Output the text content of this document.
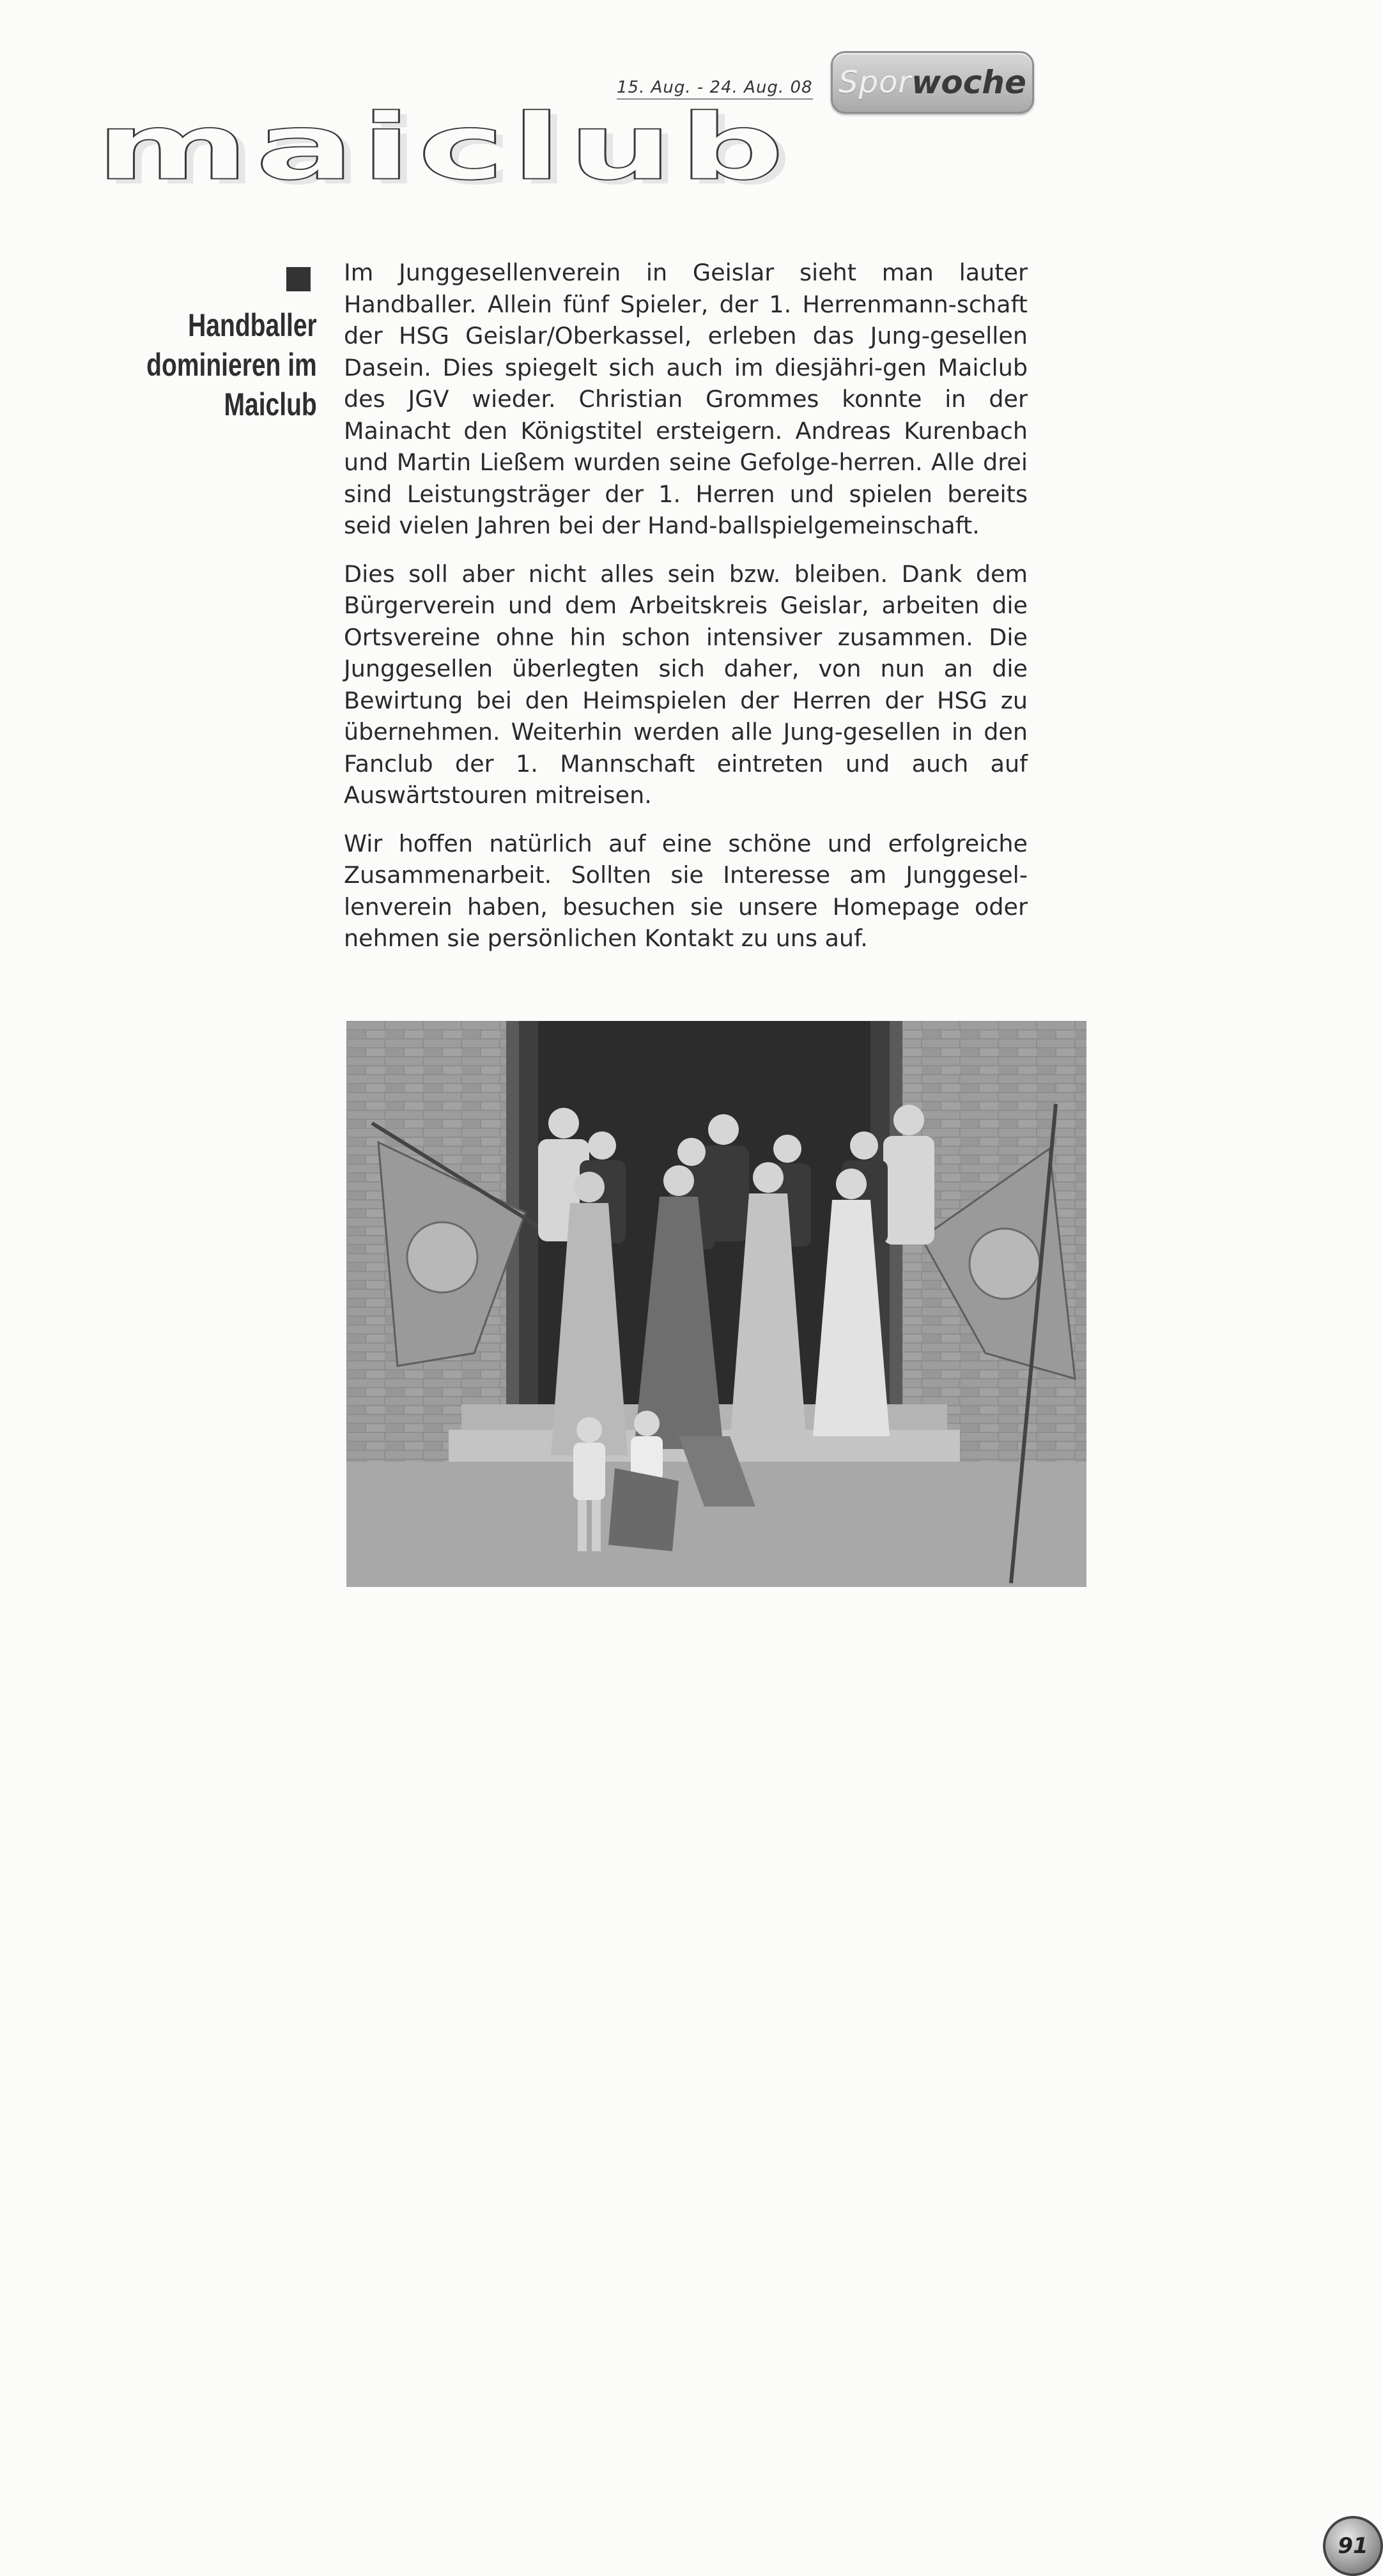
15. Aug. - 24. Aug. 08 Spor woche
maiclub
Handballer
dominieren im
Maiclub

Im Junggesellenverein in Geislar sieht man lauter Handballer. Allein fünf Spieler, der 1. Herrenmann-schaft der HSG Geislar/Oberkassel, erleben das Jung-gesellen Dasein. Dies spiegelt sich auch im diesjähri-gen Maiclub des JGV wieder. Christian Grommes konnte in der Mainacht den Königstitel ersteigern. Andreas Kurenbach und Martin Ließem wurden seine Gefolge-herren. Alle drei sind Leistungsträger der 1. Herren und spielen bereits seid vielen Jahren bei der Hand-ballspielgemeinschaft.

Dies soll aber nicht alles sein bzw. bleiben. Dank dem Bürgerverein und dem Arbeitskreis Geislar, arbeiten die Ortsvereine ohne hin schon intensiver zusammen. Die Junggesellen überlegten sich daher, von nun an die Bewirtung bei den Heimspielen der Herren der HSG zu übernehmen. Weiterhin werden alle Jung-gesellen in den Fanclub der 1. Mannschaft eintreten und auch auf Auswärtstouren mitreisen.

Wir hoffen natürlich auf eine schöne und erfolgreiche Zusammenarbeit. Sollten sie Interesse am Junggesel-lenverein haben, besuchen sie unsere Homepage oder nehmen sie persönlichen Kontakt zu uns auf.

91
